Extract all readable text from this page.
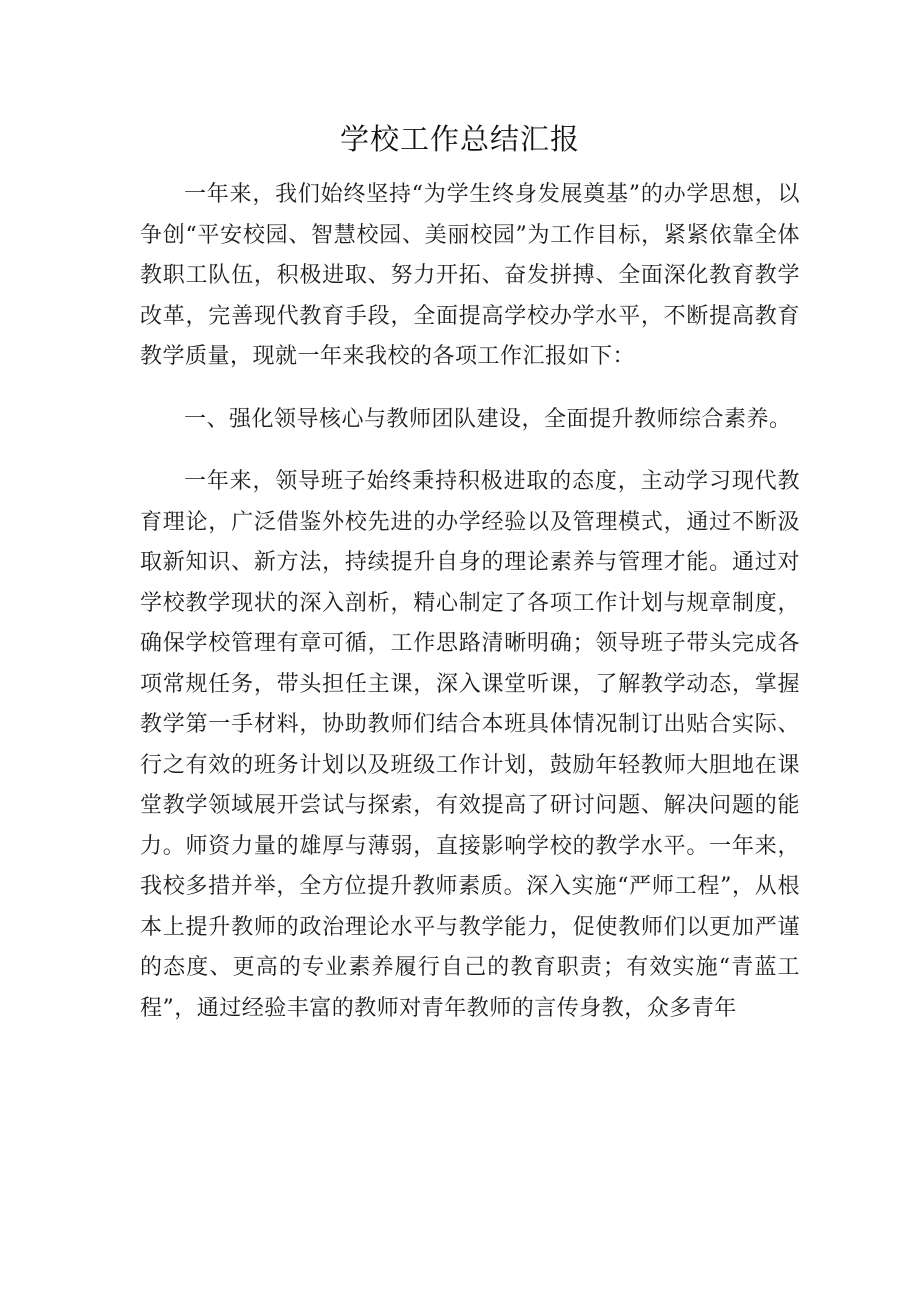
学校工作总结汇报

一年来，我们始终坚持“为学生终身发展奠基”的办学思想，以争创“平安校园、智慧校园、美丽校园”为工作目标，紧紧依靠全体教职工队伍，积极进取、努力开拓、奋发拼搏、全面深化教育教学改革，完善现代教育手段，全面提高学校办学水平，不断提高教育教学质量，现就一年来我校的各项工作汇报如下：

一、强化领导核心与教师团队建设，全面提升教师综合素养。

一年来，领导班子始终秉持积极进取的态度，主动学习现代教育理论，广泛借鉴外校先进的办学经验以及管理模式，通过不断汲取新知识、新方法，持续提升自身的理论素养与管理才能。通过对学校教学现状的深入剖析，精心制定了各项工作计划与规章制度，确保学校管理有章可循，工作思路清晰明确；领导班子带头完成各项常规任务，带头担任主课，深入课堂听课，了解教学动态，掌握教学第一手材料，协助教师们结合本班具体情况制订出贴合实际、行之有效的班务计划以及班级工作计划，鼓励年轻教师大胆地在课堂教学领域展开尝试与探索，有效提高了研讨问题、解决问题的能力。师资力量的雄厚与薄弱，直接影响学校的教学水平。一年来，我校多措并举，全方位提升教师素质。深入实施“严师工程”，从根本上提升教师的政治理论水平与教学能力，促使教师们以更加严谨的态度、更高的专业素养履行自己的教育职责；有效实施“青蓝工程”，通过经验丰富的教师对青年教师的言传身教，众多青年
